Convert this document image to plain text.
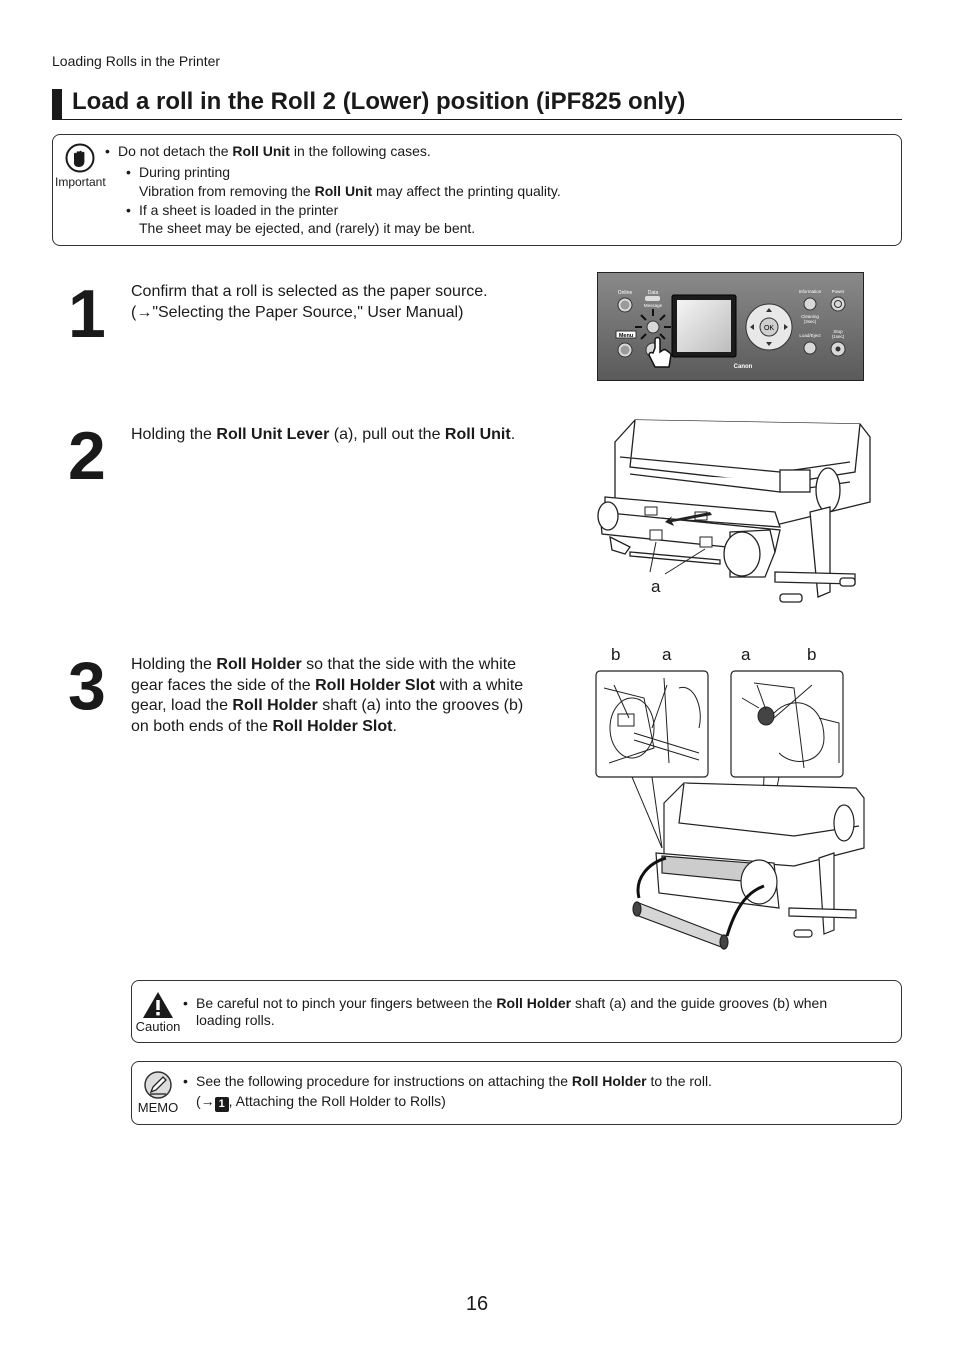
Loading Rolls in the Printer
Load a roll in the Roll 2 (Lower) position (iPF825 only)
Important
• Do not detach the Roll Unit in the following cases.
• During printing
Vibration from removing the Roll Unit may affect the printing quality.
• If a sheet is loaded in the printer
The sheet may be ejected, and (rarely) it may be bent.
1 Confirm that a roll is selected as the paper source.
(→"Selecting the Paper Source," User Manual)
Online	Data
Message
Menu
Canon
OK
Information Power
Cleaning
(3sec)
Stop
(1sec)
Load/Eject
2 Holding the Roll Unit Lever (a), pull out the Roll Unit.
a
3 Holding the Roll Holder so that the side with the white
gear faces the side of the Roll Holder Slot with a white
gear, load the Roll Holder shaft (a) into the grooves (b)
on both ends of the Roll Holder Slot.
b a	a	b
Caution
• Be careful not to pinch your fingers between the Roll Holder shaft (a) and the guide grooves (b) when
loading rolls.
MEMO
• See the following procedure for instructions on attaching the Roll Holder to the roll.
(→ 1 , Attaching the Roll Holder to Rolls)
16
